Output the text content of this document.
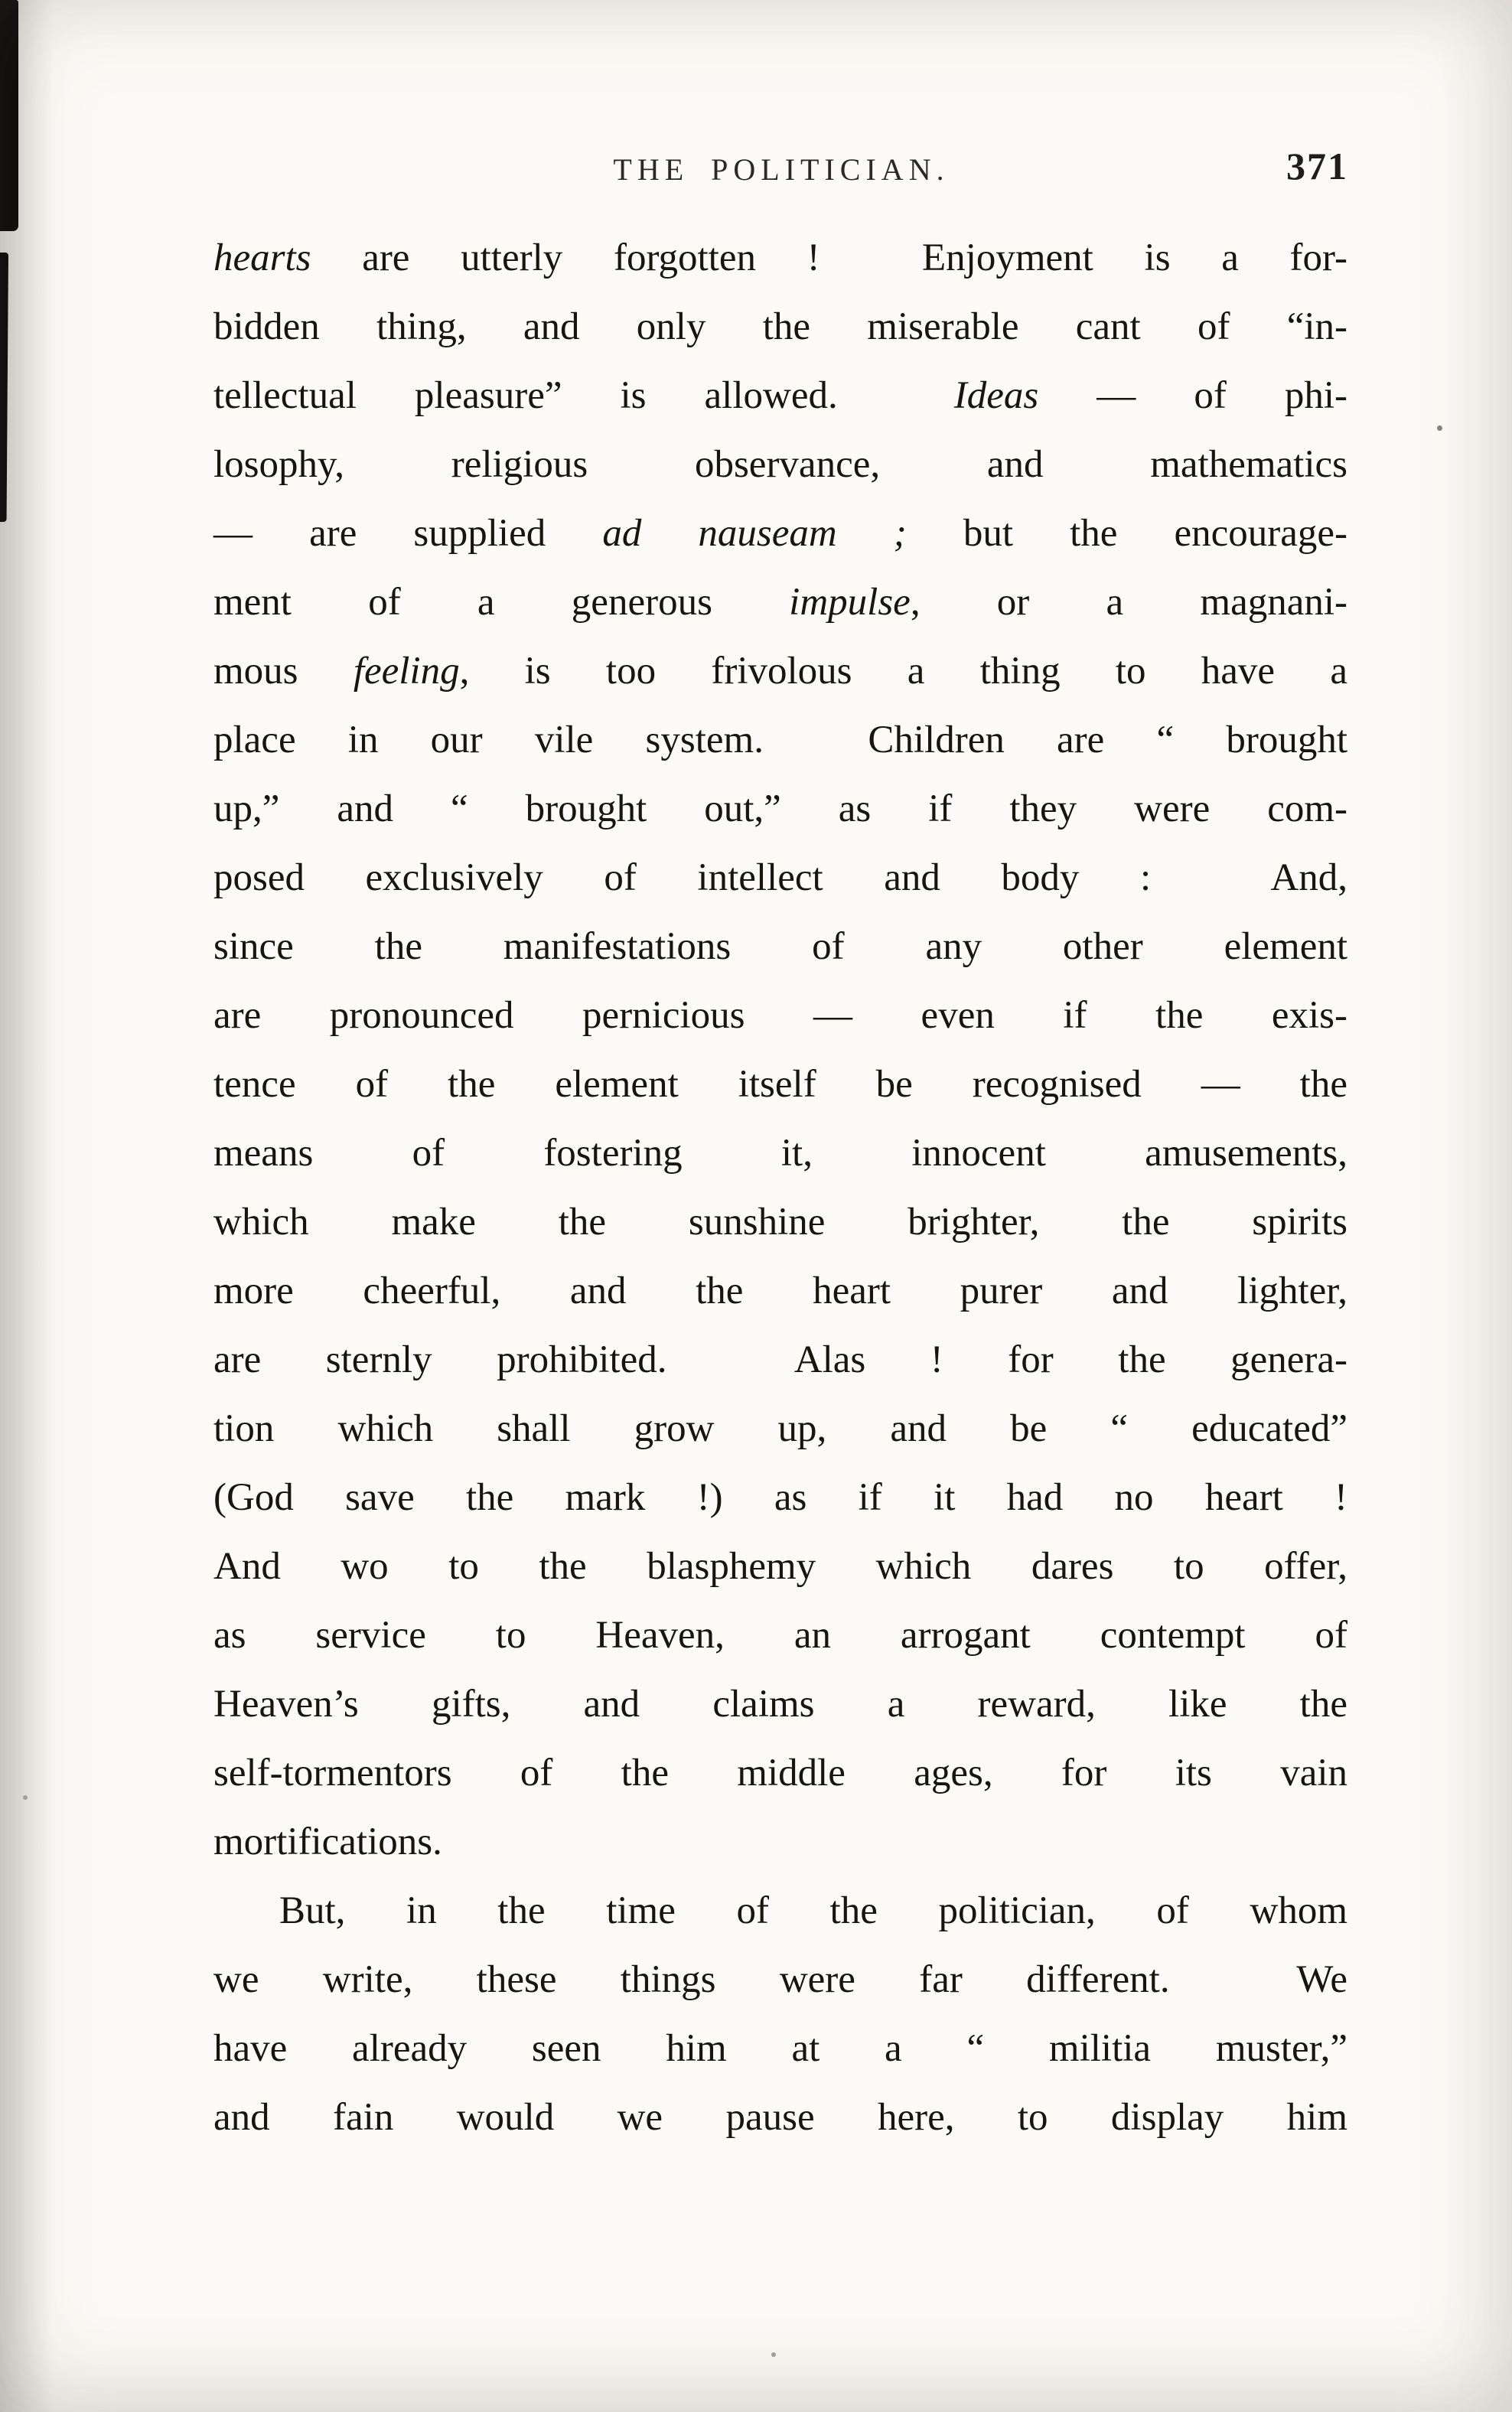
THE POLITICIAN.	371
hearts are utterly forgotten !  Enjoyment is a for-
bidden thing, and only the miserable cant of “in-
tellectual pleasure” is allowed.  Ideas — of phi-
losophy, religious observance, and mathematics
— are supplied ad nauseam ; but the encourage-
ment of a generous impulse, or a magnani-
mous feeling, is too frivolous a thing to have a
place in our vile system.  Children are “ brought
up,” and “ brought out,” as if they were com-
posed exclusively of intellect and body :  And,
since the manifestations of any other element
are pronounced pernicious — even if the exis-
tence of the element itself be recognised — the
means of fostering it, innocent amusements,
which make the sunshine brighter, the spirits
more cheerful, and the heart purer and lighter,
are sternly prohibited.  Alas ! for the genera-
tion which shall grow up, and be “ educated”
(God save the mark !) as if it had no heart !
And wo to the blasphemy which dares to offer,
as service to Heaven, an arrogant contempt of
Heaven’s gifts, and claims a reward, like the
self-tormentors of the middle ages, for its vain
mortifications.
But, in the time of the politician, of whom
we write, these things were far different.  We
have already seen him at a “ militia muster,”
and fain would we pause here, to display him
